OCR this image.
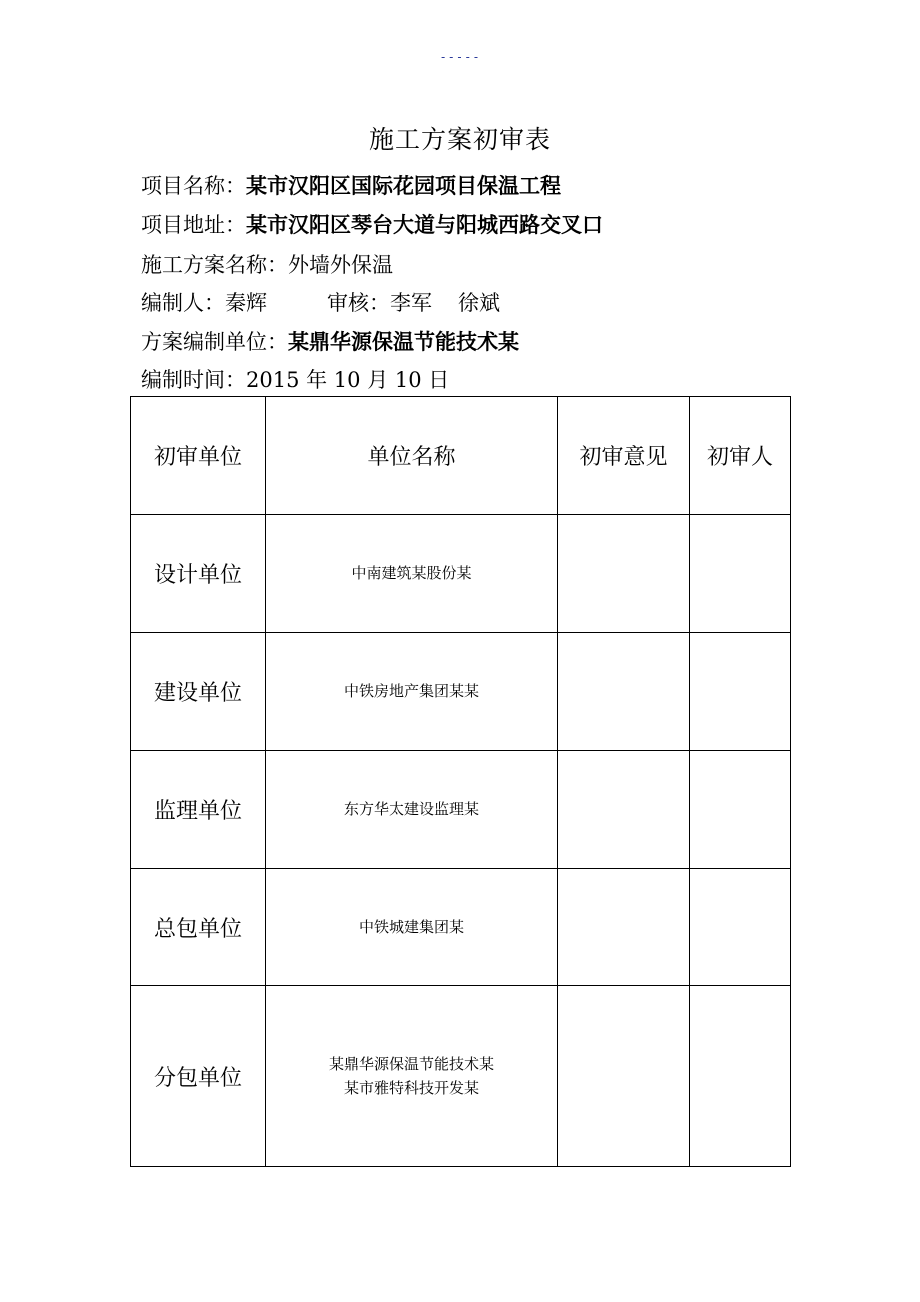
-----
施工方案初审表
项目名称：某市汉阳区国际花园项目保温工程
项目地址：某市汉阳区琴台大道与阳城西路交叉口
施工方案名称：外墙外保温
编制人：秦辉	审核：李军 徐斌
方案编制单位：某鼎华源保温节能技术某
编制时间：2015 年 10 月 10 日
初审单位	单位名称	初审意见	初审人
设计单位	中南建筑某股份某		

建设单位	中铁房地产集团某某		

监理单位	东方华太建设监理某		

总包单位	中铁城建集团某		

分包单位	某鼎华源保温节能技术某
某市雅特科技开发某		
